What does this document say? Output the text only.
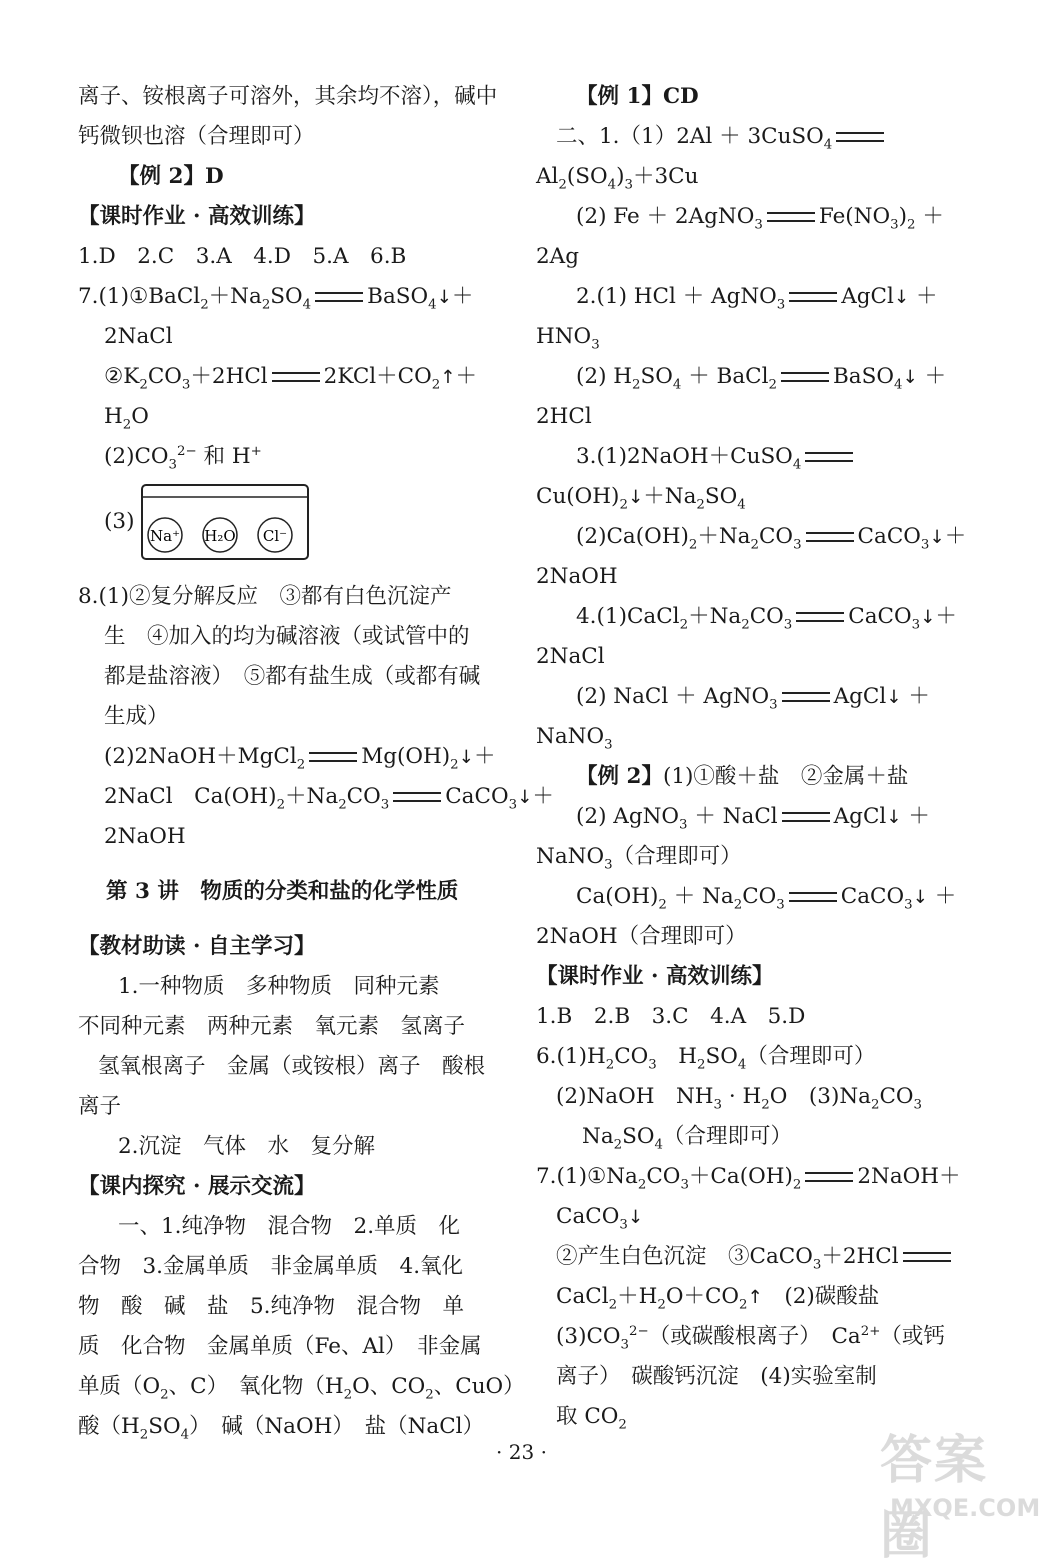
离子、铵根离子可溶外，其余均不溶），碱中
钙微钡也溶（合理即可）
【例 2】D
【课时作业 · 高效训练】
1.D　2.C　3.A　4.D　5.A　6.B
$7.(1)①BaCl_2+Na_2SO_4$	BaSO$_4$↓＋
2NaCl
$②K_2CO_3+2HCl$	$2KCl+CO_2↑+$
$H_2O$
$(2)CO_3^{2-}$ 和 H+
(3)
8.(1)②复分解反应　③都有白色沉淀产
生　④加入的均为碱溶液（或试管中的
都是盐溶液）　⑤都有盐生成（或都有碱
生成）
(2)2NaOH＋MgCl$_2$	$Mg(OH)_2↓+$
2NaCl　$Ca(OH)_2+Na_2CO_3$	CaCO$_3$↓＋
2NaOH
第 3 讲　物质的分类和盐的化学性质
【教材助读 · 自主学习】
1.一种物质　多种物质　同种元素
不同种元素　两种元素　氧元素　氢离子
氢氧根离子　金属（或铵根）离子　酸根
离子
2.沉淀　气体　水　复分解
【课内探究 · 展示交流】
一、1.纯净物　混合物　2.单质　化
合物　3.金属单质　非金属单质　4.氧化
物　酸　碱　盐　5.纯净物　混合物　单
质　化合物　金属单质（Fe、Al）　非金属
单质（$O_2$、C）　氧化物（$H_2O$、$CO_2$、CuO）
酸$(H_2SO_4)$　碱（NaOH）　盐（NaCl）
Na⁺ H₂O Cl⁻
【例 1】CD
二、1.（1）2Al ＋ 3CuSO$_4$
$Al_2(SO_4)_3+3Cu$
(2) Fe ＋ 2AgNO$_3$	$Fe(NO_3)_2$ ＋
2Ag
2.(1) HCl ＋ AgNO$_3$	AgCl↓ ＋
$HNO_3$
(2) $H_2SO_4$ ＋ BaCl$_2$	BaSO$_4$↓ ＋
2HCl
3.(1)2NaOH＋CuSO$_4$
$Cu(OH)_2↓+Na_2SO_4$
$(2)Ca(OH)_2+Na_2CO_3$	CaCO$_3$↓＋
2NaOH
$4.(1)CaCl_2+Na_2CO_3$	CaCO$_3$↓＋
2NaCl
(2) NaCl ＋ AgNO$_3$	AgCl↓ ＋
NaNO$_3$
【例 2】(1)①酸＋盐　②金属＋盐
(2) AgNO$_3$ ＋ NaCl	AgCl↓ ＋
NaNO$_3$（合理即可）
$Ca(OH)_2 + Na_2CO_3$	CaCO$_3$↓ ＋
2NaOH（合理即可）
【课时作业 · 高效训练】
1.B　2.B　3.C　4.A　5.D
$6.(1)H_2CO_3$　$H_2SO_4$（合理即可）
(2)NaOH　$NH_3 \cdot H_2O$　$(3)Na_2CO_3$
$Na_2SO_4$（合理即可）
$7.(1)①Na_2CO_3+Ca(OH)_2$	2NaOH＋
CaCO$_3$↓
②产生白色沉淀　③CaCO$_3$＋2HCl
$CaCl_2+H_2O+CO_2↑$　(2)碳酸盐
$(3)CO_3^{2-}$（或碳酸根离子）　$Ca^{2+}$（或钙
离子）　碳酸钙沉淀　(4)实验室制
取 $CO_2$
· 23 ·	答案圈
MXQE.COM
